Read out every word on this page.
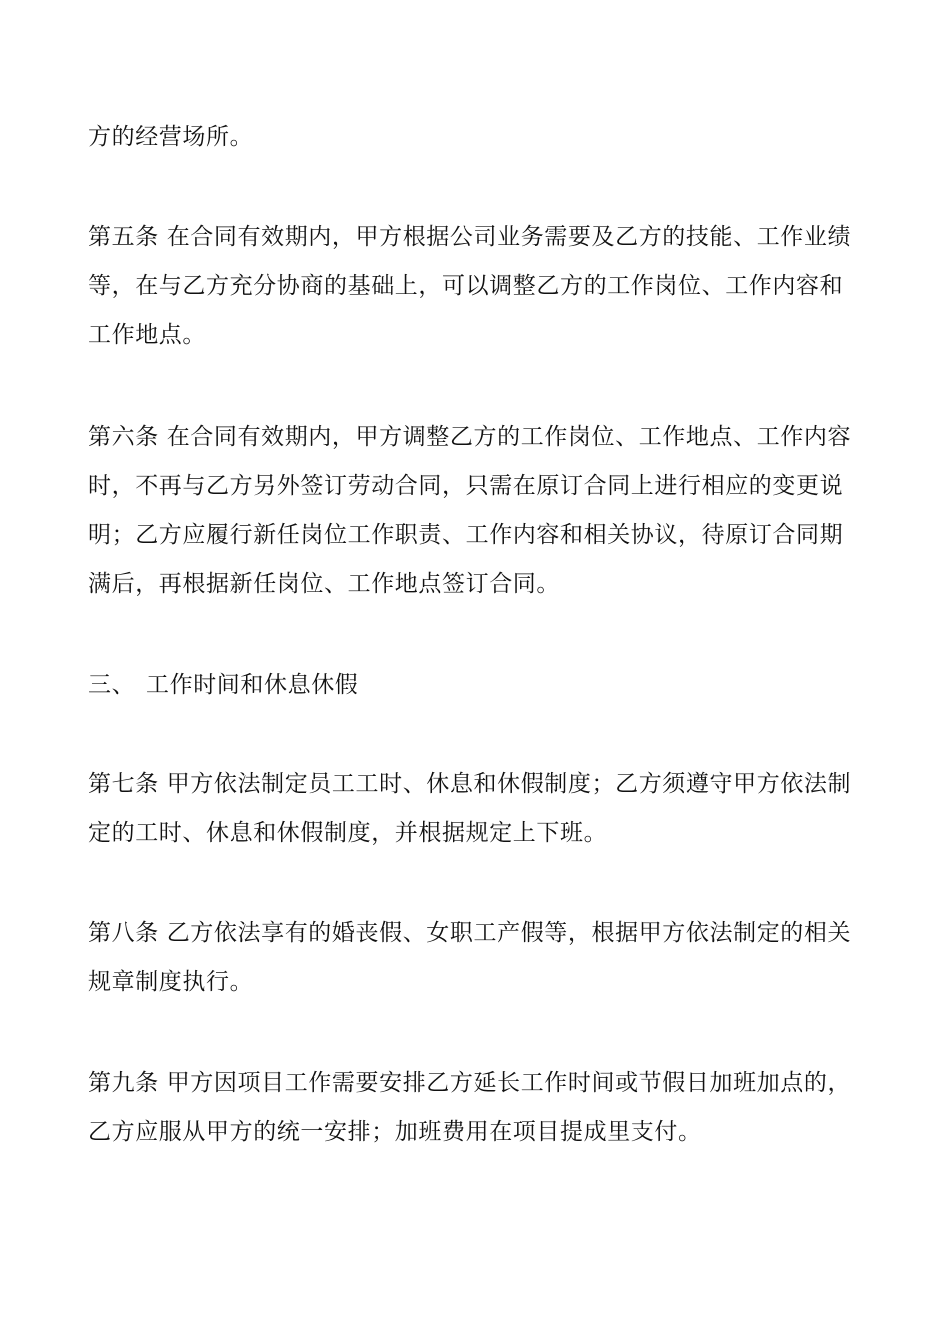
方的经营场所。
第五条 在合同有效期内，甲方根据公司业务需要及乙方的技能、工作业绩
等，在与乙方充分协商的基础上，可以调整乙方的工作岗位、工作内容和
工作地点。
第六条 在合同有效期内，甲方调整乙方的工作岗位、工作地点、工作内容
时，不再与乙方另外签订劳动合同，只需在原订合同上进行相应的变更说
明；乙方应履行新任岗位工作职责、工作内容和相关协议，待原订合同期
满后，再根据新任岗位、工作地点签订合同。
三、 工作时间和休息休假
第七条 甲方依法制定员工工时、休息和休假制度；乙方须遵守甲方依法制
定的工时、休息和休假制度，并根据规定上下班。
第八条 乙方依法享有的婚丧假、女职工产假等，根据甲方依法制定的相关
规章制度执行。
第九条 甲方因项目工作需要安排乙方延长工作时间或节假日加班加点的，
乙方应服从甲方的统一安排；加班费用在项目提成里支付。
